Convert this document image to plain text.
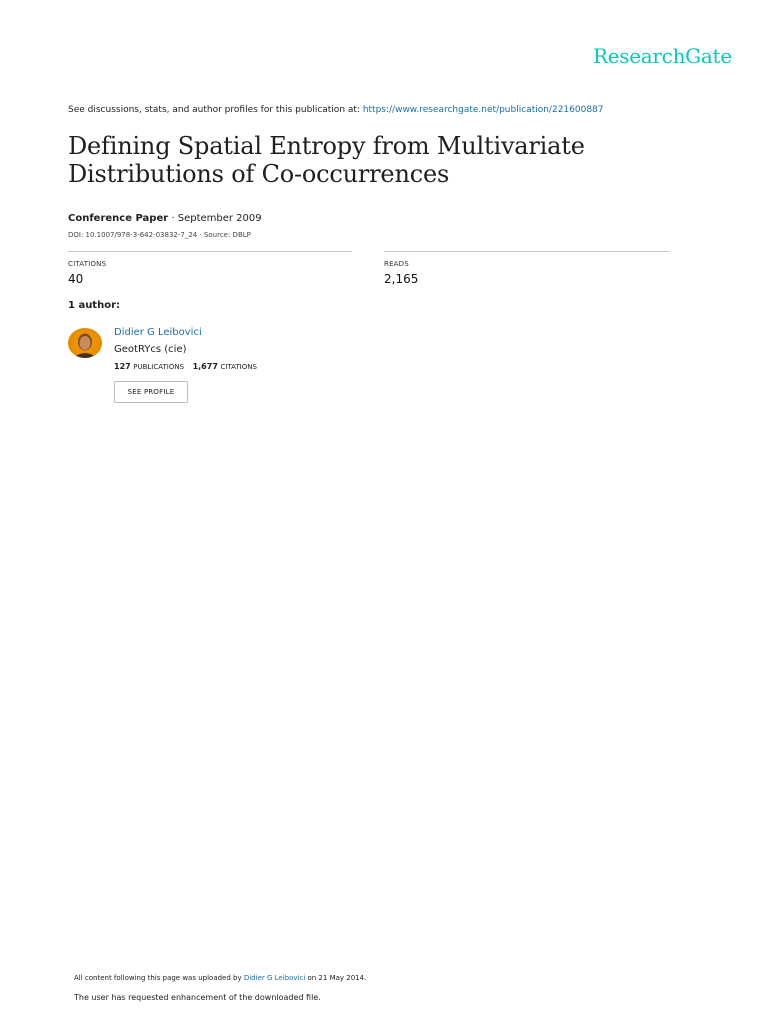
ResearchGate
See discussions, stats, and author profiles for this publication at: https://www.researchgate.net/publication/221600887
Defining Spatial Entropy from Multivariate
Distributions of Co-occurrences
Conference Paper · September 2009
DOI: 10.1007/978-3-642-03832-7_24 · Source: DBLP
CITATIONS
40
READS
2,165
1 author:
Didier G Leibovici
GeotRYcs (cie)
127 PUBLICATIONS 1,677 CITATIONS
SEE PROFILE
All content following this page was uploaded by Didier G Leibovici on 21 May 2014.
The user has requested enhancement of the downloaded file.
